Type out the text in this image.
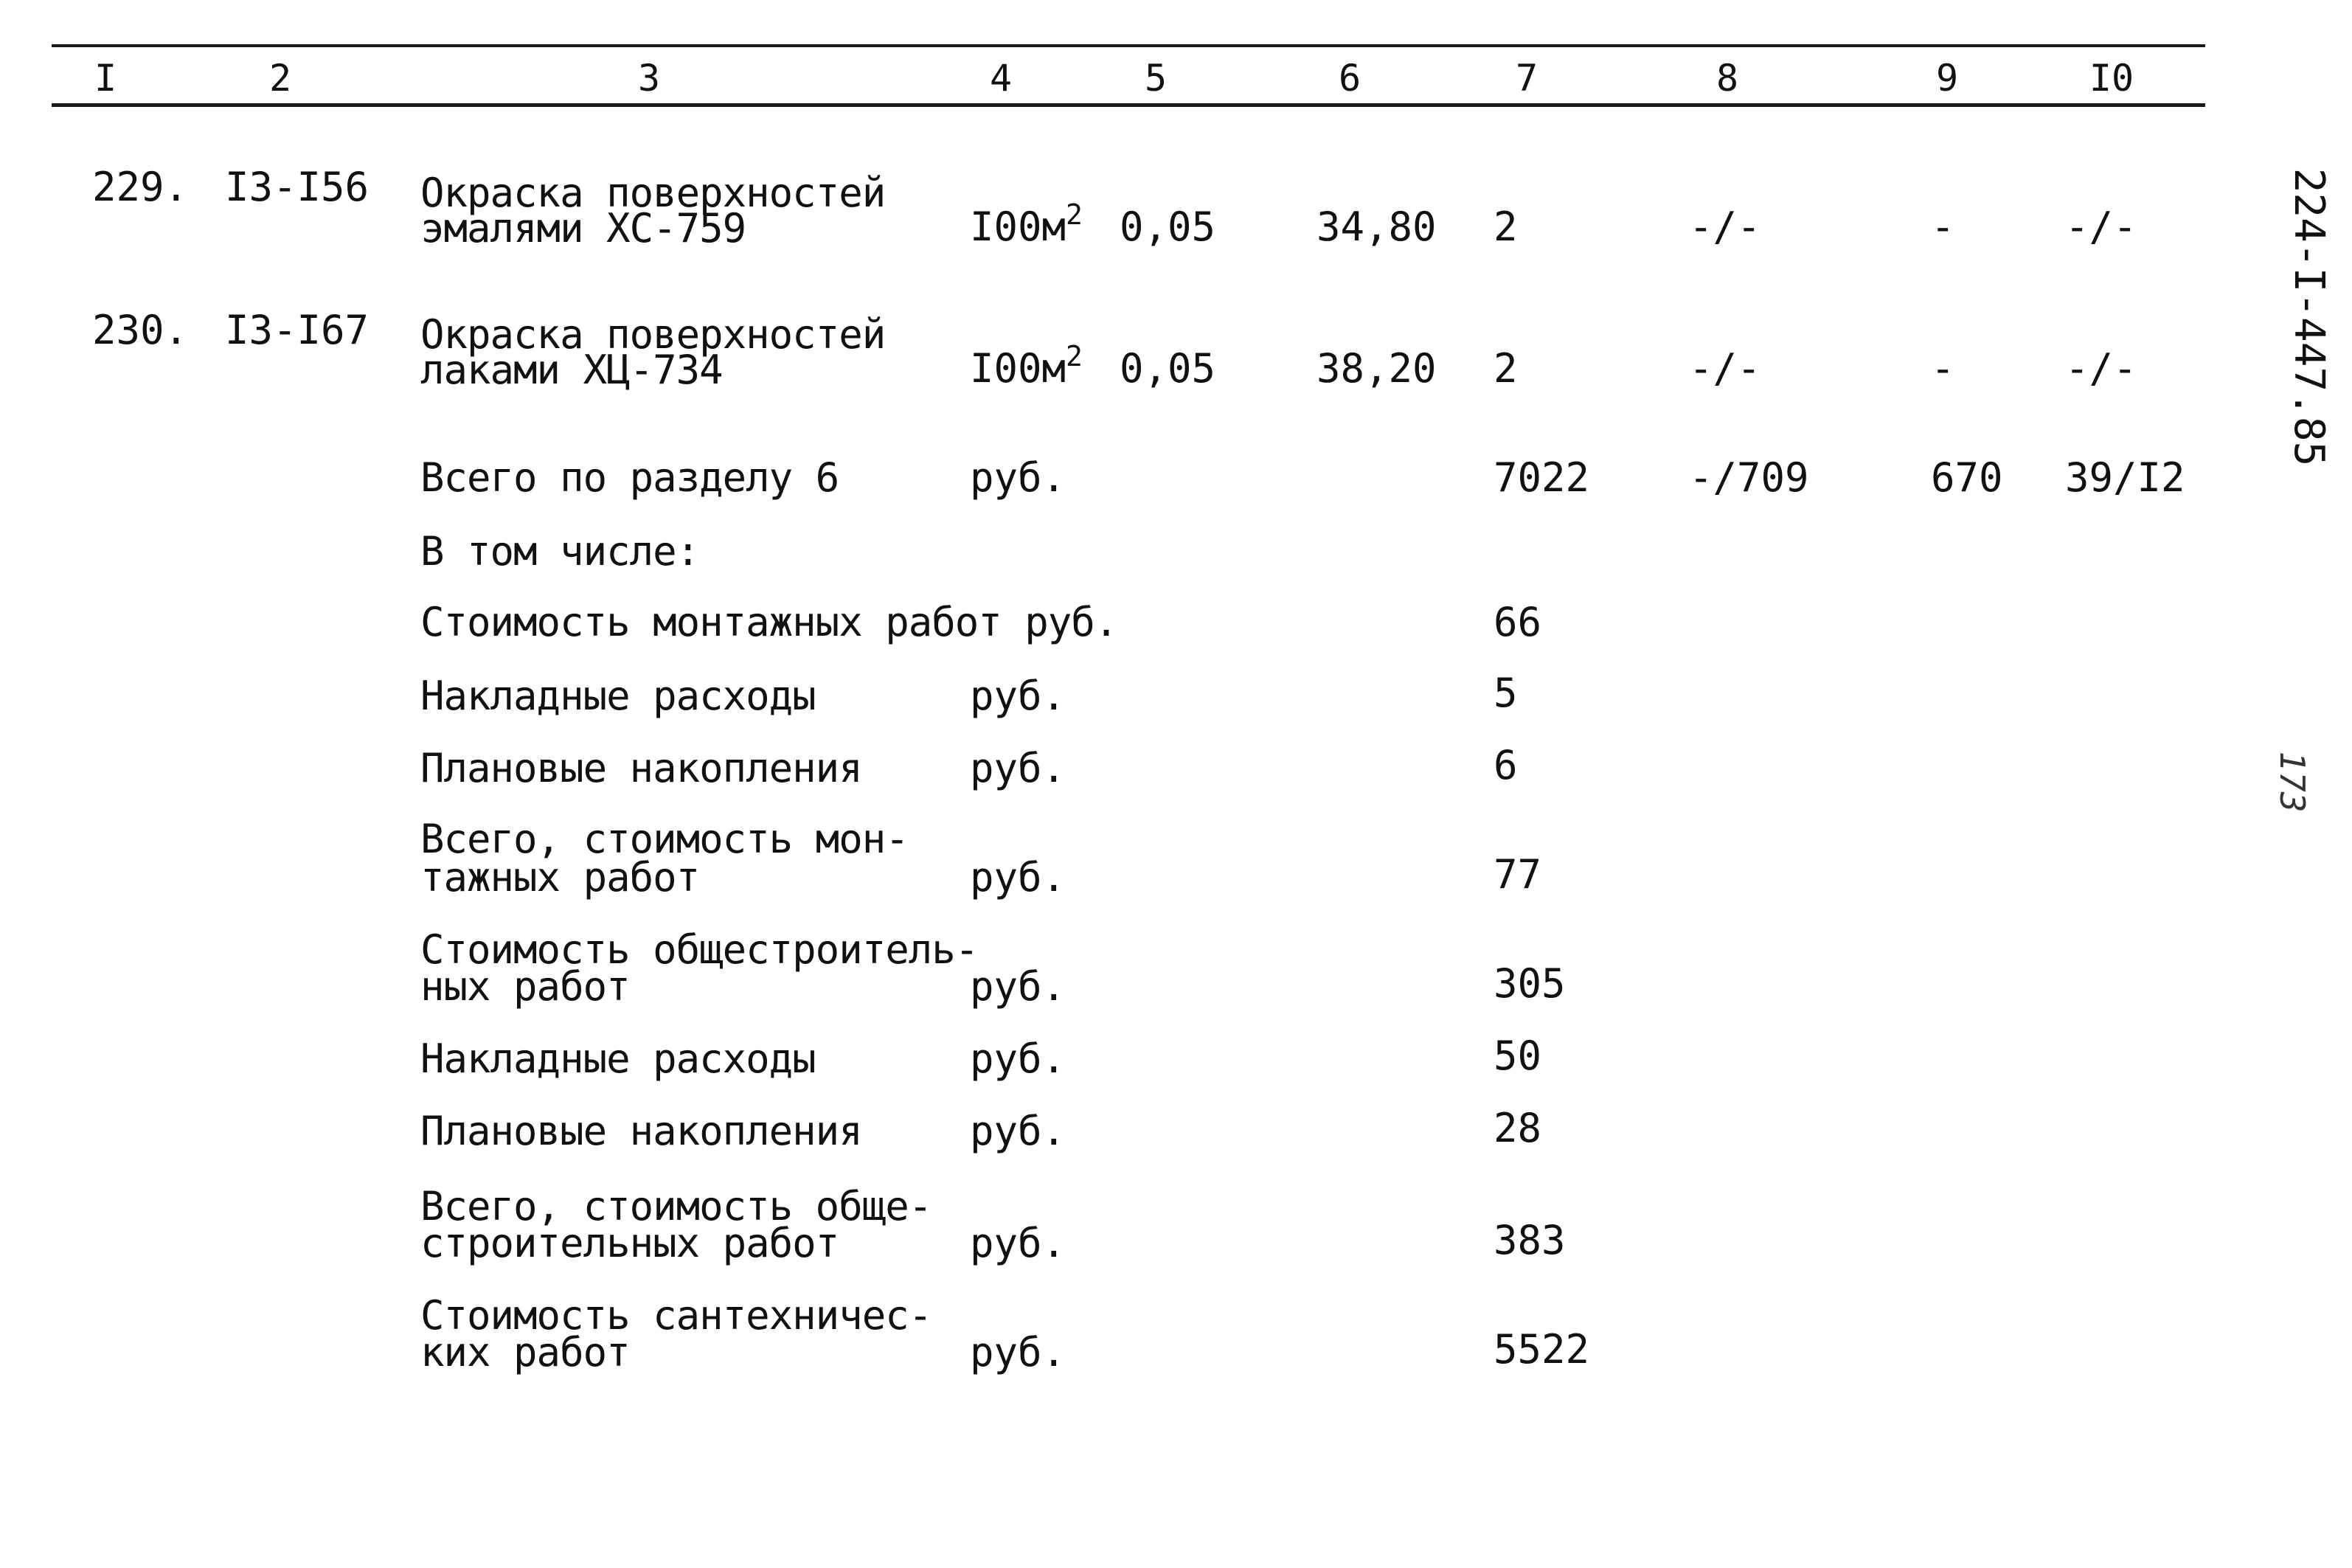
I	2	3	4	5	6	7	8	9	I0
229. I3-I56 Окраска поверхностей
эмалями ХС-759	$I00м^2$ 0,05	34,80 2	-/-	-	-/-
230. I3-I67 Окраска поверхностей
лаками ХЦ-734	$I00м^2$ 0,05	38,20 2	-/-	-	-/-
Всего по разделу 6	руб.	7022 -/709	670 39/I2
В том числе:
Стоимость монтажных работ руб.	66
Накладные расходы	руб.	5
Плановые накопления	руб.	6
Всего, стоимость мон-
тажных работ	руб.	77
Стоимость общестроитель-
ных работ	руб.	305
Накладные расходы	руб.	50
Плановые накопления	руб.	28
Всего, стоимость обще-
строительных работ	руб.	383
Стоимость сантехничес-
ких работ	руб.	5522
224-I-447.85
173
